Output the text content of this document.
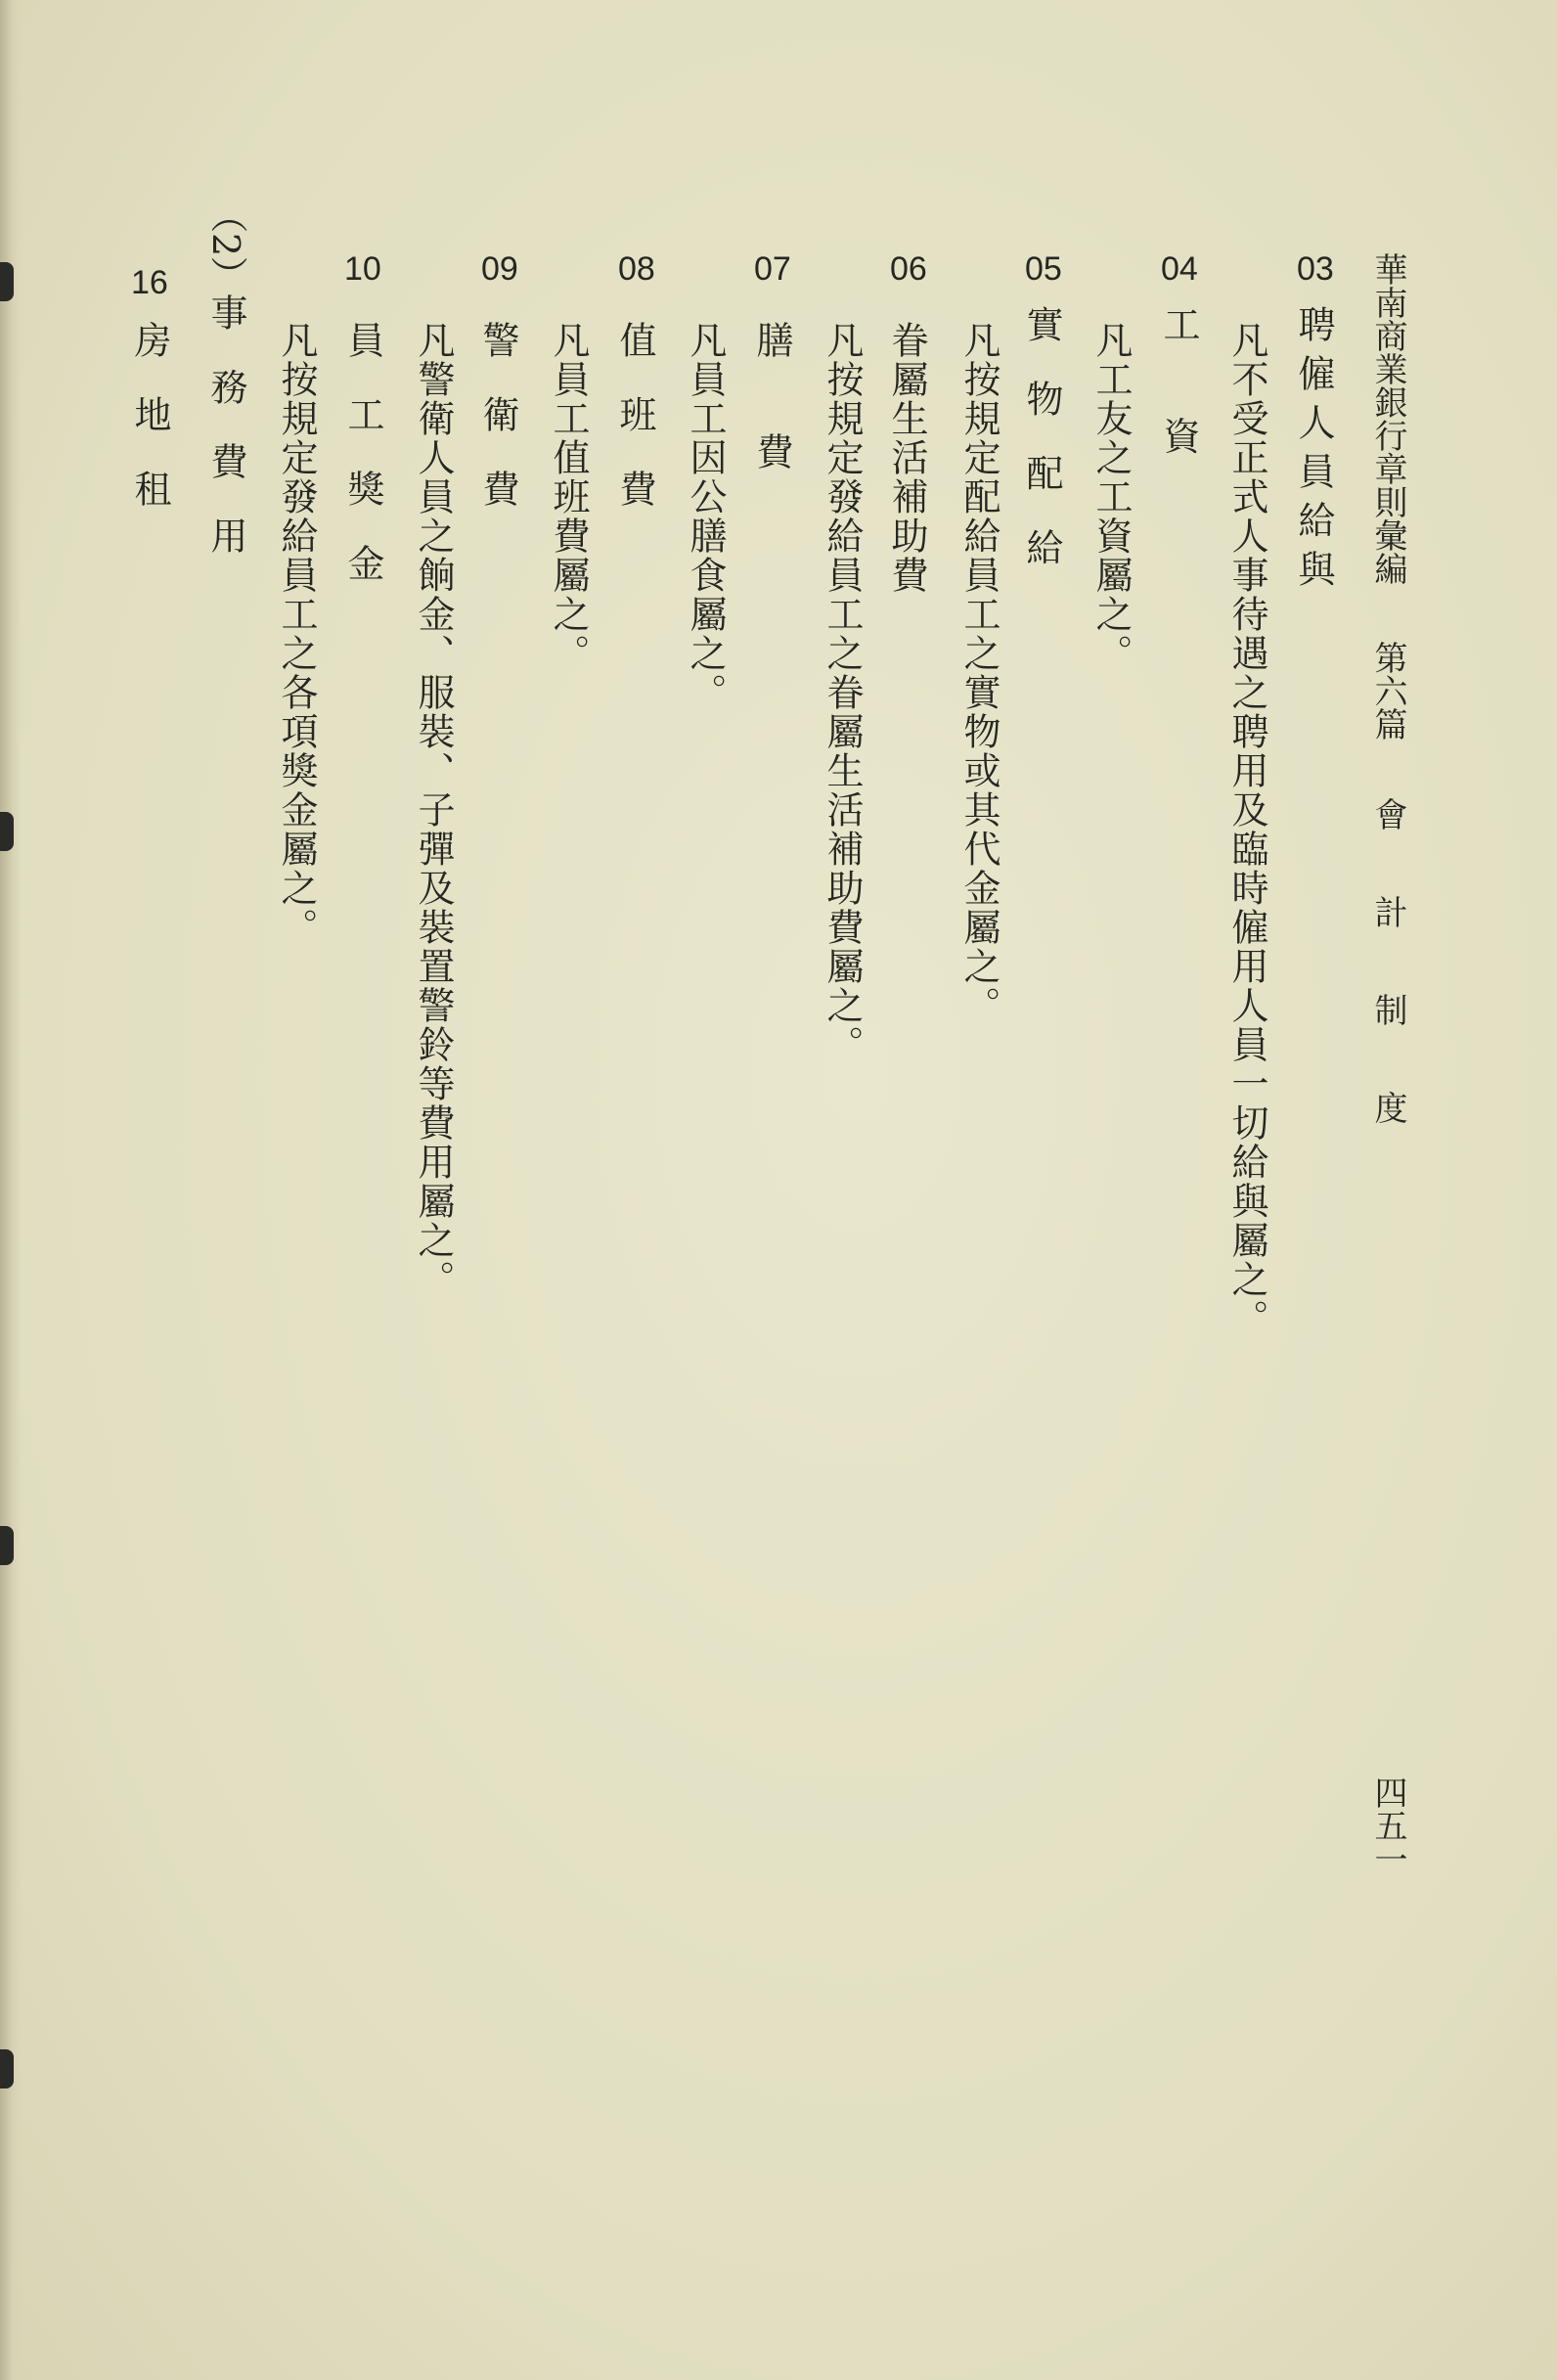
華南商業銀行章則彙編
第六篇
會　計　制　度
四五一
03
聘僱人員給與
凡不受正式人事待遇之聘用及臨時僱用人員一切給與屬之。
04
工　　資
凡工友之工資屬之。
05
實　物　配　給
凡按規定配給員工之實物或其代金屬之。
06
眷屬生活補助費
凡按規定發給員工之眷屬生活補助費屬之。
07
膳　　費
凡員工因公膳食屬之。
08
值　班　費
凡員工值班費屬之。
09
警　衛　費
凡警衛人員之餉金、服裝、子彈及裝置警鈴等費用屬之。
10
員　工　獎　金
凡按規定發給員工之各項獎金屬之。
（2）事　務　費　用
16
房　地　租
